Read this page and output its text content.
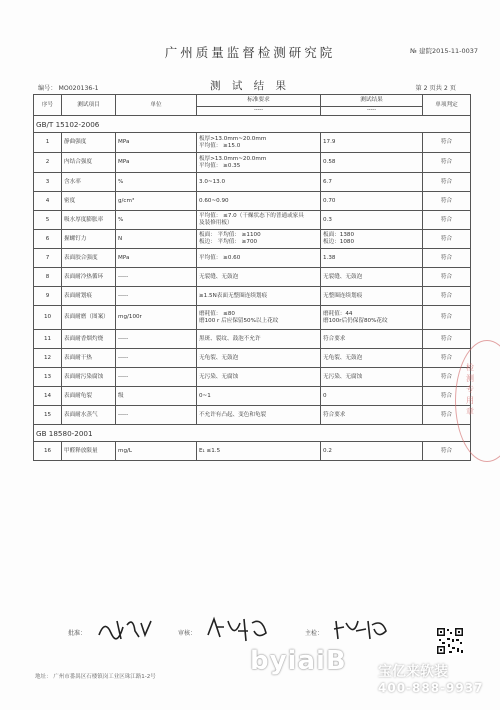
广州质量监督检测研究院	№ 建院2015-11-0037
编号： MO020136-1	测 试 结 果	第 2 页共 2 页
序号	测试项目	单位	标准要求
-----	测试结果
-----	单项判定
GB/T 15102-2006					
1	静曲强度	MPa	板厚>13.0mm~20.0mm
平均值： ≥15.0	17.9	符合
2	内结合强度	MPa	板厚>13.0mm~20.0mm
平均值： ≥0.35	0.58	符合
3	含水率	%	3.0~13.0	6.7	符合
4	密度	g/cm³	0.60~0.90	0.70	符合
5	吸水厚度膨胀率	%	平均值： ≤7.0（干燥状态下的普通或家具
及装修用板）	0.3	符合
6	握螺钉力	N	板面： 平均值： ≥1100
板边： 平均值： ≥700	板面：1380
板边：1080	符合
7	表面胶合强度	MPa	平均值： ≥0.60	1.38	符合
8	表面耐冷热循环	-----	无裂缝、无鼓泡	无裂缝、无鼓泡	符合
9	表面耐划痕	-----	≥1.5N表面无整圈连续划痕	无整圈连续划痕	符合
10	表面耐磨（图案）	mg/100r	磨耗值： ≤80
磨100 r 后应保留50%以上花纹	磨耗值：44
磨100r后仍保留80%花纹	符合
11	表面耐香烟灼烧	-----	黑斑、裂纹、鼓泡不允许	符合要求	符合
12	表面耐干热	-----	无龟裂、无鼓泡	无龟裂、无鼓泡	符合
13	表面耐污染腐蚀	-----	无污染、无腐蚀	无污染、无腐蚀	符合
14	表面耐龟裂	级	0~1	0	符合
15	表面耐水蒸气	-----	不允许有凸起、变色和龟裂	符合要求	符合
GB 18580-2001					
16	甲醛释放限量	mg/L	E₁ ≤1.5	0.2	符合
检测专用章
批准：	审核：	主检：
地址： 广州市番禺区石楼镇岗工业区珠江路1-2号
byiaiB 宝亿来软装
400-888-9937
